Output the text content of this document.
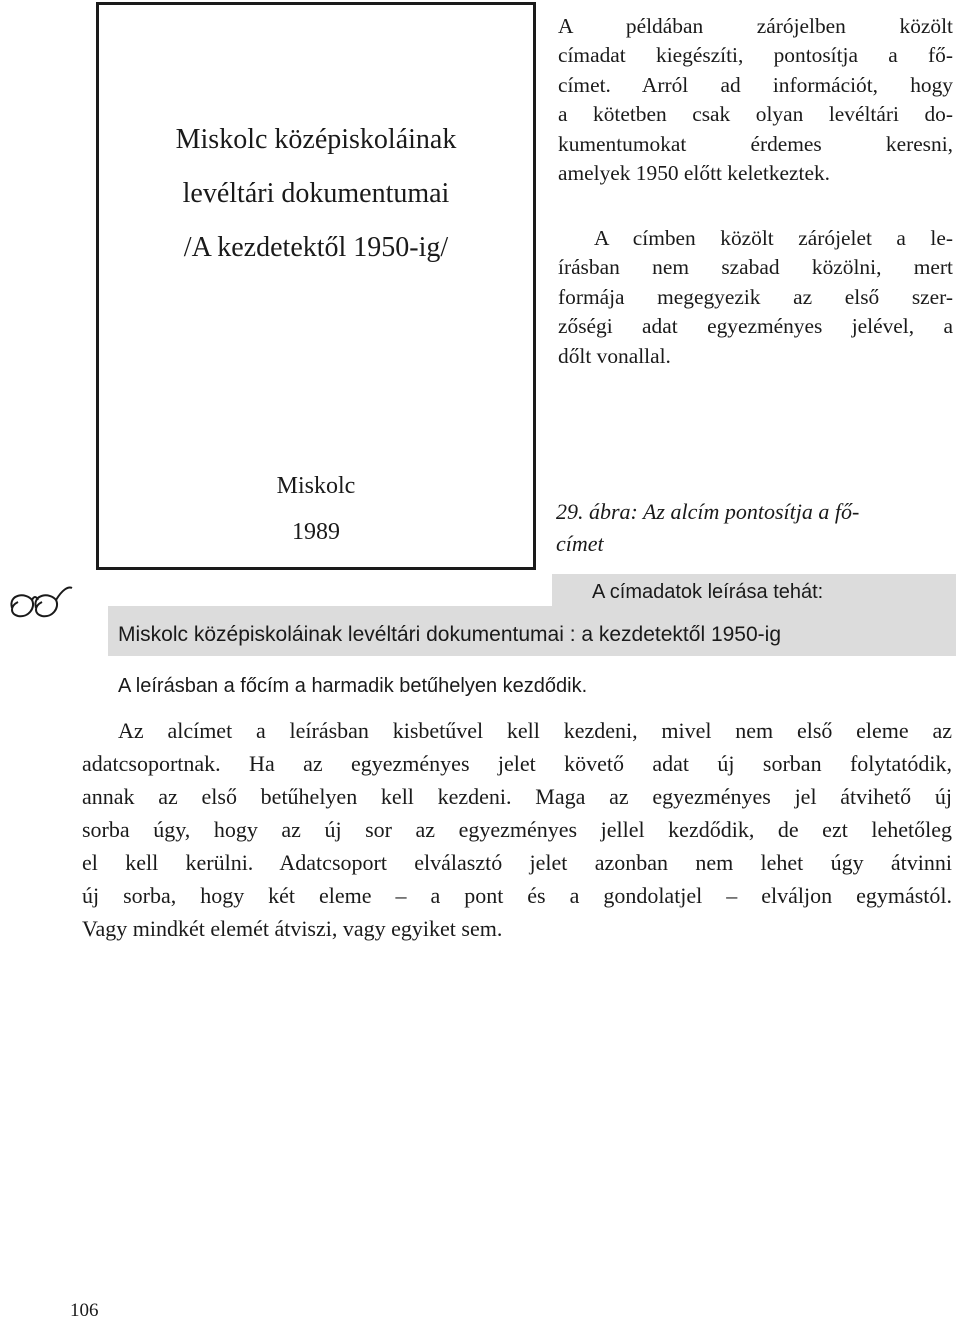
Miskolc középiskoláinak
levéltári dokumentumai
/A kezdetektől 1950-ig/
Miskolc
1989

A példában zárójelben közölt

címadat kiegészíti, pontosítja a fő-

címet. Arról ad információt, hogy

a kötetben csak olyan levéltári do-

kumentumokat érdemes keresni,

amelyek 1950 előtt keletkeztek.

A címben közölt zárójelet a le-

írásban nem szabad közölni, mert

formája megegyezik az első szer-

zőségi adat egyezményes jelével, a

dőlt vonallal.

29. ábra: Az alcím pontosítja a fő-
címet
A címadatok leírása tehát:
Miskolc középiskoláinak levéltári dokumentumai : a kezdetektől 1950-ig
A leírásban a főcím a harmadik betűhelyen kezdődik.
Az alcímet a leírásban kisbetűvel kell kezdeni, mivel nem első eleme az
adatcsoportnak. Ha az egyezményes jelet követő adat új sorban folytatódik,
annak az első betűhelyen kell kezdeni. Maga az egyezményes jel átvihető új
sorba úgy, hogy az új sor az egyezményes jellel kezdődik, de ezt lehetőleg
el kell kerülni. Adatcsoport elválasztó jelet azonban nem lehet úgy átvinni
új sorba, hogy két eleme – a pont és a gondolatjel – elváljon egymástól.
Vagy mindkét elemét átviszi, vagy egyiket sem.
106
